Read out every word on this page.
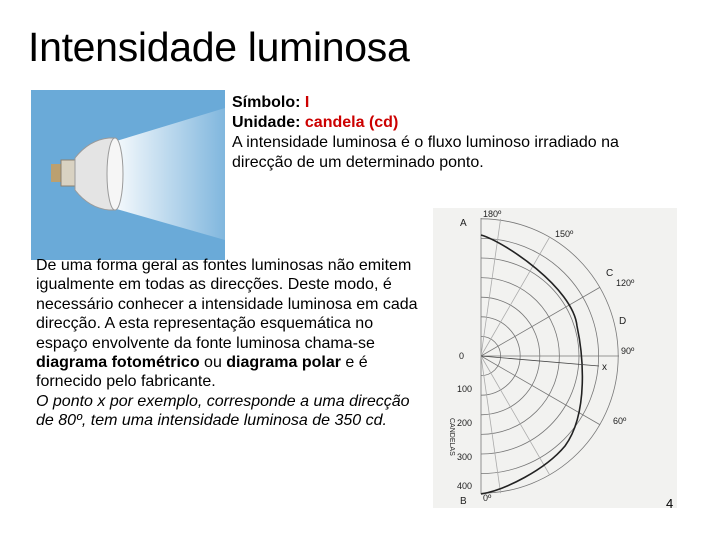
Intensidade luminosa
Símbolo: I
Unidade: candela (cd)
A intensidade luminosa é o fluxo luminoso irradiado na direcção de um determinado ponto.
De uma forma geral as fontes luminosas não emitem igualmente em todas as direcções. Deste modo, é necessário conhecer a intensidade luminosa em cada direcção. A esta representação esquemática no espaço envolvente da fonte luminosa chama-se diagrama fotométrico ou diagrama polar e é fornecido pelo fabricante.
O ponto x por exemplo, corresponde a uma direcção de 80º, tem uma intensidade luminosa de 350 cd.
180º
150º
120º
90º
60º
0º
A
B
C
D
x
0
100
200
300
400
CANDELAS
4
